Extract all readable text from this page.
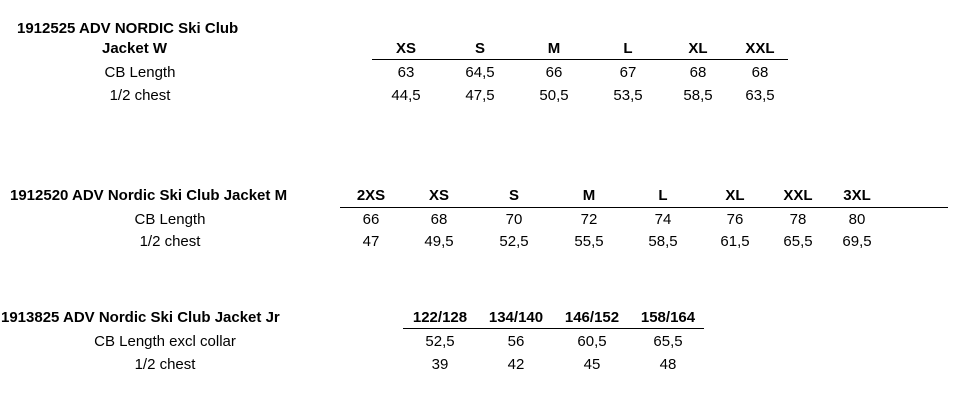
1912525 ADV NORDIC Ski Club
Jacket W	XS	S	M	L	XL	XXL
CB Length	63	64,5	66	67	68	68
1/2 chest	44,5	47,5	50,5	53,5	58,5	63,5
1912520 ADV Nordic Ski Club Jacket M	2XS	XS	S	M	L	XL	XXL	3XL
CB Length	66	68	70	72	74	76	78	80
1/2 chest	47	49,5	52,5	55,5	58,5	61,5	65,5	69,5
1913825 ADV Nordic Ski Club Jacket Jr	122/128	134/140	146/152	158/164
CB Length excl collar	52,5	56	60,5	65,5
1/2 chest	39	42	45	48
